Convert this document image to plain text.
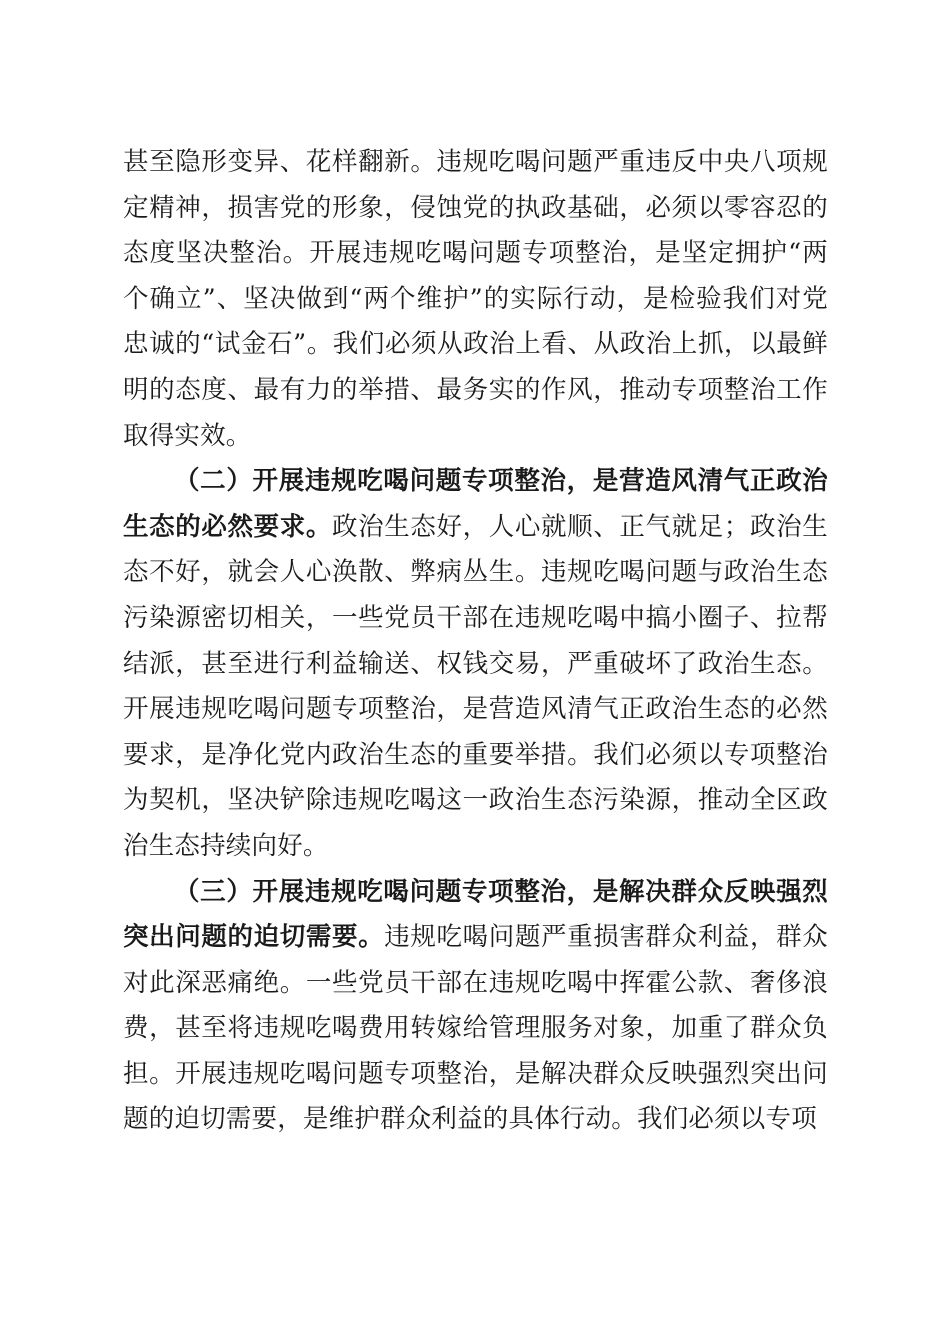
甚至隐形变异、花样翻新。违规吃喝问题严重违反中央八项规定精神，损害党的形象，侵蚀党的执政基础，必须以零容忍的态度坚决整治。开展违规吃喝问题专项整治，是坚定拥护“两个确立”、坚决做到“两个维护”的实际行动，是检验我们对党忠诚的“试金石”。我们必须从政治上看、从政治上抓，以最鲜明的态度、最有力的举措、最务实的作风，推动专项整治工作取得实效。

（二）开展违规吃喝问题专项整治，是营造风清气正政治生态的必然要求。政治生态好，人心就顺、正气就足；政治生态不好，就会人心涣散、弊病丛生。违规吃喝问题与政治生态污染源密切相关，一些党员干部在违规吃喝中搞小圈子、拉帮结派，甚至进行利益输送、权钱交易，严重破坏了政治生态。开展违规吃喝问题专项整治，是营造风清气正政治生态的必然要求，是净化党内政治生态的重要举措。我们必须以专项整治为契机，坚决铲除违规吃喝这一政治生态污染源，推动全区政治生态持续向好。

（三）开展违规吃喝问题专项整治，是解决群众反映强烈突出问题的迫切需要。违规吃喝问题严重损害群众利益，群众对此深恶痛绝。一些党员干部在违规吃喝中挥霍公款、奢侈浪费，甚至将违规吃喝费用转嫁给管理服务对象，加重了群众负担。开展违规吃喝问题专项整治，是解决群众反映强烈突出问题的迫切需要，是维护群众利益的具体行动。我们必须以专项
